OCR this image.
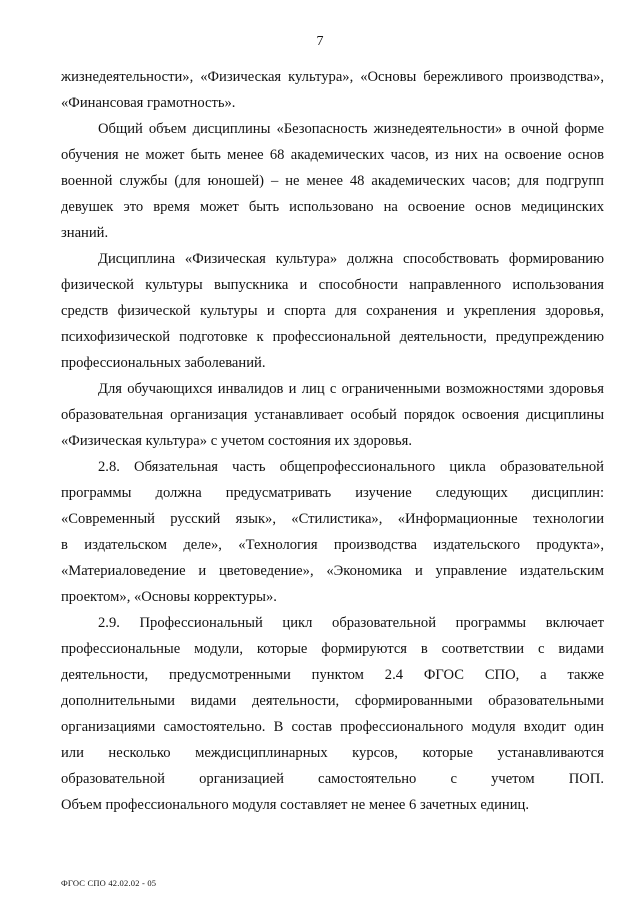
7

жизнедеятельности», «Физическая культура», «Основы бережливого производства»,
«Финансовая грамотность».

Общий объем дисциплины «Безопасность жизнедеятельности» в очной форме
обучения не может быть менее 68 академических часов, из них на освоение основ
военной службы (для юношей) – не менее 48 академических часов; для подгрупп
девушек это время может быть использовано на освоение основ медицинских
знаний.

Дисциплина «Физическая культура» должна способствовать формированию
физической культуры выпускника и способности направленного использования
средств физической культуры и спорта для сохранения и укрепления здоровья,
психофизической подготовке к профессиональной деятельности, предупреждению
профессиональных заболеваний.

Для обучающихся инвалидов и лиц с ограниченными возможностями здоровья
образовательная организация устанавливает особый порядок освоения дисциплины
«Физическая культура» с учетом состояния их здоровья.

2.8. Обязательная часть общепрофессионального цикла образовательной
программы должна предусматривать изучение следующих дисциплин:
«Современный русский язык», «Стилистика», «Информационные технологии
в издательском деле», «Технология производства издательского продукта»,
«Материаловедение и цветоведение», «Экономика и управление издательским
проектом», «Основы корректуры».

2.9. Профессиональный цикл образовательной программы включает
профессиональные модули, которые формируются в соответствии с видами
деятельности, предусмотренными пунктом 2.4 ФГОС СПО, а также
дополнительными видами деятельности, сформированными образовательными
организациями самостоятельно. В состав профессионального модуля входит один
или несколько междисциплинарных курсов, которые устанавливаются
образовательной организацией самостоятельно с учетом ПОП.
Объем профессионального модуля составляет не менее 6 зачетных единиц.

ФГОС СПО 42.02.02 - 05
